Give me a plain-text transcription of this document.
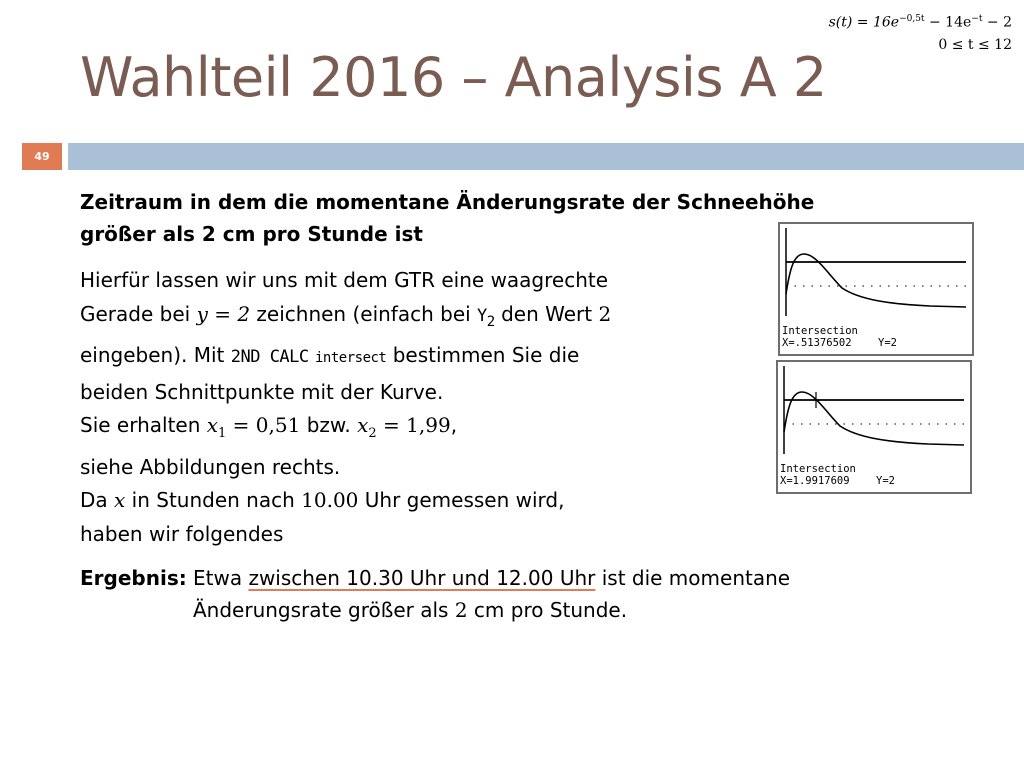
$s(t) = 16e^{-0,5t} - 14e^{-t} - 2$
0 ≤ t ≤ 12
Wahlteil 2016 – Analysis A 2
49
Zeitraum in dem die momentane Änderungsrate der Schneehöhe größer als 2 cm pro Stunde ist

Hierfür lassen wir uns mit dem GTR eine waagrechte

Gerade bei y = 2 zeichnen (einfach bei $Y_2$ den Wert 2

eingeben). Mit 2ND CALC intersect bestimmen Sie die

beiden Schnittpunkte mit der Kurve.

Sie erhalten $x_1 = 0,51$ bzw. $x_2 = 1,99$,

siehe Abbildungen rechts.

Da x in Stunden nach 10.00 Uhr gemessen wird,

haben wir folgendes

Intersection
X=.51376502	Y=2
Intersection
X=1.9917609	Y=2
Ergebnis: Etwa zwischen 10.30 Uhr und 12.00 Uhr ist die momentane
Änderungsrate größer als 2 cm pro Stunde.
